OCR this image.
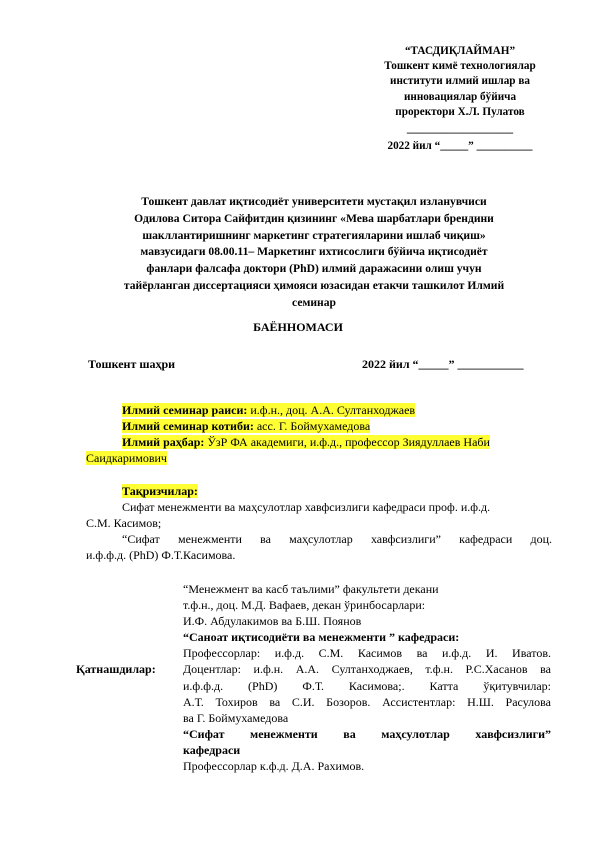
“ТАСДИҚЛАЙМАН”
Тошкент кимё технологиялар
институти илмий ишлар ва
инновациялар бўйича
проректори Х.Л. Пулатов
___________________
2022 йил “_____” __________
Тошкент давлат иқтисодиёт университети мустақил изланувчиси
Одилова Ситора Сайфитдин қизининг «Мева шарбатлари брендини
шакллантиришнинг маркетинг стратегияларини ишлаб чиқиш»
мавзусидаги 08.00.11– Маркетинг ихтисослиги бўйича иқтисодиёт
фанлари фалсафа доктори (PhD) илмий даражасини олиш учун
тайёрланган диссертацияси ҳимояси юзасидан етакчи ташкилот Илмий
семинар
БАЁННОМАСИ
Тошкент шаҳри	2022 йил “_____” ___________
Илмий семинар раиси: и.ф.н., доц. А.А. Султанходжаев
Илмий семинар котиби: асс. Г. Боймухамедова
Илмий раҳбар: ЎзР ФА академиги, и.ф.д., профессор Зиядуллаев Наби
Саидкаримович
Тақризчилар:
Сифат менежменти ва маҳсулотлар хавфсизлиги кафедраси проф. и.ф.д.
С.М. Касимов;
“Сифат менежменти ва маҳсулотлар хавфсизлиги” кафедраси доц.
и.ф.ф.д. (PhD) Ф.Т.Касимова.
Қатнашдилар:
“Менежмент ва касб таълими” факультети декани
т.ф.н., доц. М.Д. Вафаев, декан ўринбосарлари:
И.Ф. Абдулакимов ва Б.Ш. Поянов
“Саноат иқтисодиёти ва менежменти ” кафедраси:
Профессорлар: и.ф.д. С.М. Касимов ва и.ф.д. И. Иватов.
Доцентлар: и.ф.н. А.А. Султанходжаев, т.ф.н. Р.С.Хасанов ва
и.ф.ф.д. (PhD) Ф.Т. Касимова;. Катта ўқитувчилар:
А.Т. Тохиров ва С.И. Бозоров. Ассистентлар: Н.Ш. Расулова
ва Г. Боймухамедова
“Сифат менежменти ва маҳсулотлар хавфсизлиги”
кафедраси
Профессорлар к.ф.д. Д.А. Рахимов.
